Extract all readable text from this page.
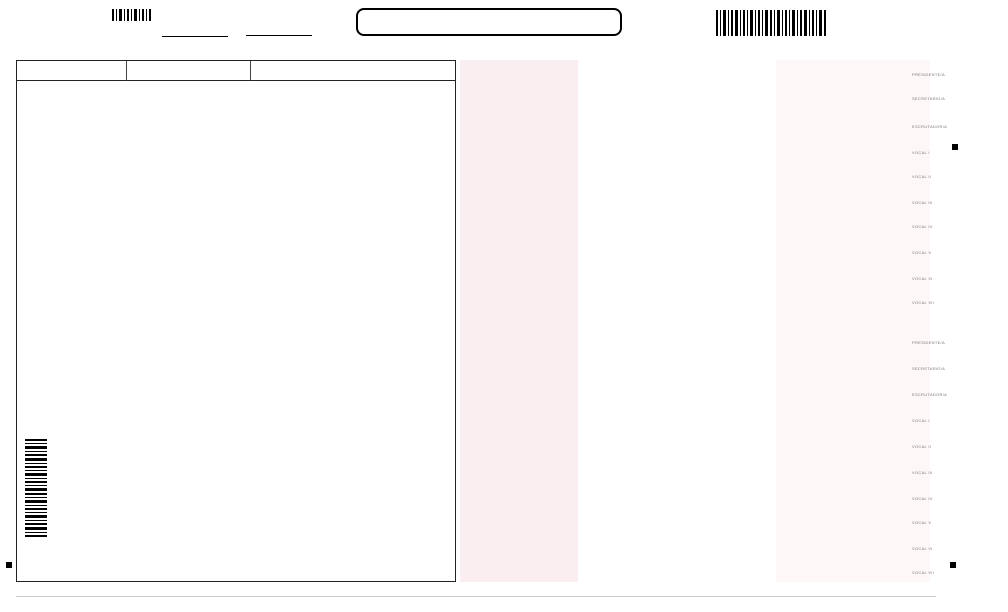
PRESIDENTE/A
SECRETARIO/A
ESCRUTADOR/A
VOCAL I
VOCAL II
VOCAL III
VOCAL IV
VOCAL V
VOCAL VI
VOCAL VII
PRESIDENTE/A
SECRETARIO/A
ESCRUTADOR/A
VOCAL I
VOCAL II
VOCAL III
VOCAL IV
VOCAL V
VOCAL VI
VOCAL VII
